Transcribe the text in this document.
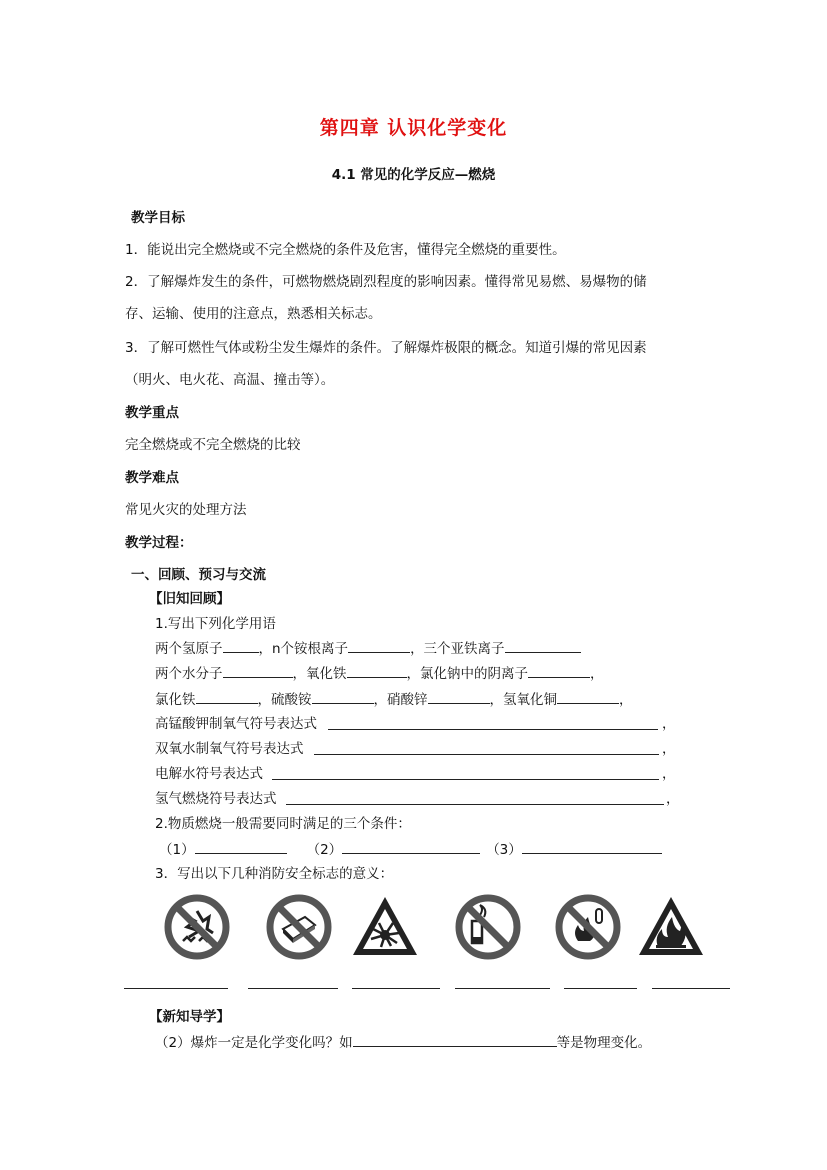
第四章 认识化学变化
4.1 常见的化学反应—燃烧
教学目标
1．能说出完全燃烧或不完全燃烧的条件及危害，懂得完全燃烧的重要性。
2．了解爆炸发生的条件，可燃物燃烧剧烈程度的影响因素。懂得常见易燃、易爆物的储
存、运输、使用的注意点，熟悉相关标志。
3．了解可燃性气体或粉尘发生爆炸的条件。了解爆炸极限的概念。知道引爆的常见因素
（明火、电火花、高温、撞击等）。
教学重点
完全燃烧或不完全燃烧的比较
教学难点
常见火灾的处理方法
教学过程：
一、回顾、预习与交流
【旧知回顾】
1.写出下列化学用语
两个氢原子	，n个铵根离子	，三个亚铁离子
两个水分子	，氧化铁	，氯化钠中的阴离子	，
氯化铁	，硫酸铵	，硝酸锌	，氢氧化铜	，
高锰酸钾制氧气符号表达式	，
双氧水制氧气符号表达式	，
电解水符号表达式	，
氢气燃烧符号表达式	，
2.物质燃烧一般需要同时满足的三个条件：
（1）	（2）	（3）
3．写出以下几种消防安全标志的意义：
【新知导学】
（2）爆炸一定是化学变化吗？如	等是物理变化。
